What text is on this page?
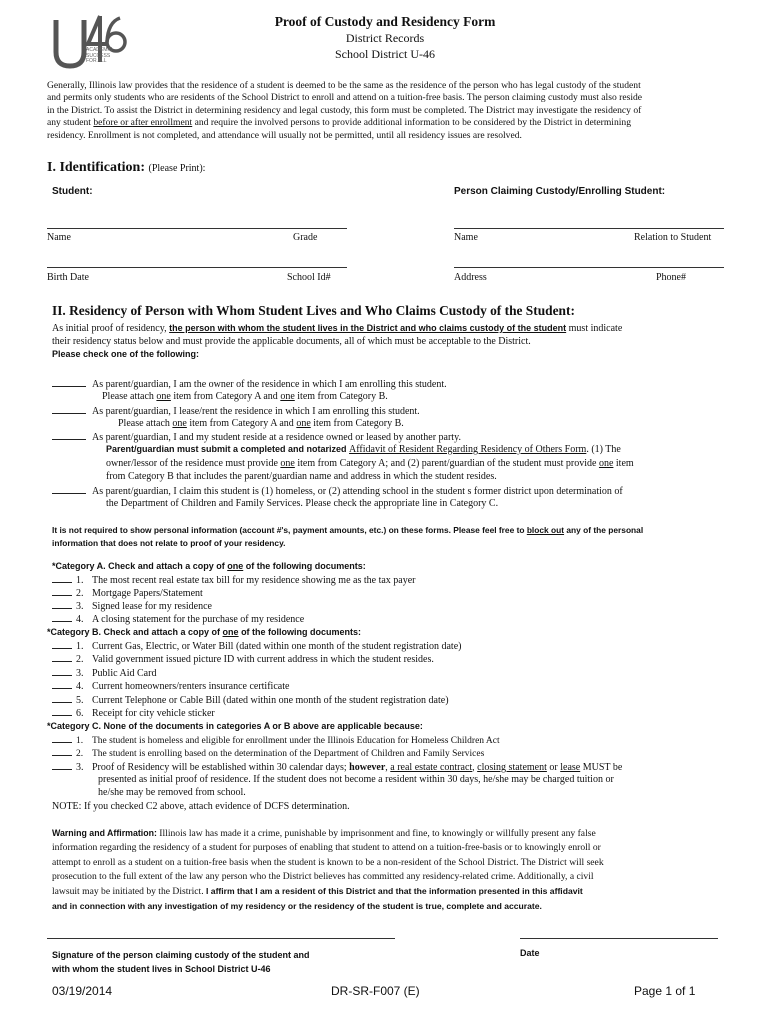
ACADEMIC
SUCCESS
FOR ALL
Proof of Custody and Residency Form
District Records
School District U-46
Generally, Illinois law provides that the residence of a student is deemed to be the same as the residence of the person who has legal custody of the student
and permits only students who are residents of the School District to enroll and attend on a tuition-free basis. The person claiming custody must also reside
in the District. To assist the District in determining residency and legal custody, this form must be completed. The District may investigate the residency of
any student before or after enrollment and require the involved persons to provide additional information to be considered by the District in determining
residency. Enrollment is not completed, and attendance will usually not be permitted, until all residency issues are resolved.
I. Identification: (Please Print):
Student:	Person Claiming Custody/Enrolling Student:
Name	Grade	Name	Relation to Student
Birth Date	School Id#	Address	Phone#
II. Residency of Person with Whom Student Lives and Who Claims Custody of the Student:
As initial proof of residency, the person with whom the student lives in the District and who claims custody of the student must indicate
their residency status below and must provide the applicable documents, all of which must be acceptable to the District.
Please check one of the following:
As parent/guardian, I am the owner of the residence in which I am enrolling this student.
Please attach one item from Category A and one item from Category B.
As parent/guardian, I lease/rent the residence in which I am enrolling this student.
Please attach one item from Category A and one item from Category B.
As parent/guardian, I and my student reside at a residence owned or leased by another party.
Parent/guardian must submit a completed and notarized Affidavit of Resident Regarding Residency of Others Form. (1) The
owner/lessor of the residence must provide one item from Category A; and (2) parent/guardian of the student must provide one item
from Category B that includes the parent/guardian name and address in which the student resides.
As parent/guardian, I claim this student is (1) homeless, or (2) attending school in the student s former district upon determination of
the Department of Children and Family Services. Please check the appropriate line in Category C.
It is not required to show personal information (account #'s, payment amounts, etc.) on these forms. Please feel free to block out any of the personal
information that does not relate to proof of your residency.
*Category A. Check and attach a copy of one of the following documents:
1. The most recent real estate tax bill for my residence showing me as the tax payer
2. Mortgage Papers/Statement
3. Signed lease for my residence
4. A closing statement for the purchase of my residence
*Category B. Check and attach a copy of one of the following documents:
1. Current Gas, Electric, or Water Bill (dated within one month of the student registration date)
2. Valid government issued picture ID with current address in which the student resides.
3. Public Aid Card
4. Current homeowners/renters insurance certificate
5. Current Telephone or Cable Bill (dated within one month of the student registration date)
6. Receipt for city vehicle sticker
*Category C. None of the documents in categories A or B above are applicable because:
1. The student is homeless and eligible for enrollment under the Illinois Education for Homeless Children Act
2. The student is enrolling based on the determination of the Department of Children and Family Services
3. Proof of Residency will be established within 30 calendar days; however, a real estate contract, closing statement or lease MUST be
presented as initial proof of residence. If the student does not become a resident within 30 days, he/she may be charged tuition or
he/she may be removed from school.
NOTE: If you checked C2 above, attach evidence of DCFS determination.
Warning and Affirmation: Illinois law has made it a crime, punishable by imprisonment and fine, to knowingly or willfully present any false
information regarding the residency of a student for purposes of enabling that student to attend on a tuition-free-basis or to knowingly enroll or
attempt to enroll as a student on a tuition-free basis when the student is known to be a non-resident of the School District. The District will seek
prosecution to the full extent of the law any person who the District believes has committed any residency-related crime. Additionally, a civil
lawsuit may be initiated by the District. I affirm that I am a resident of this District and that the information presented in this affidavit
and in connection with any investigation of my residency or the residency of the student is true, complete and accurate.
Signature of the person claiming custody of the student and
with whom the student lives in School District U-46
Date
03/19/2014	DR-SR-F007 (E)	Page 1 of 1
